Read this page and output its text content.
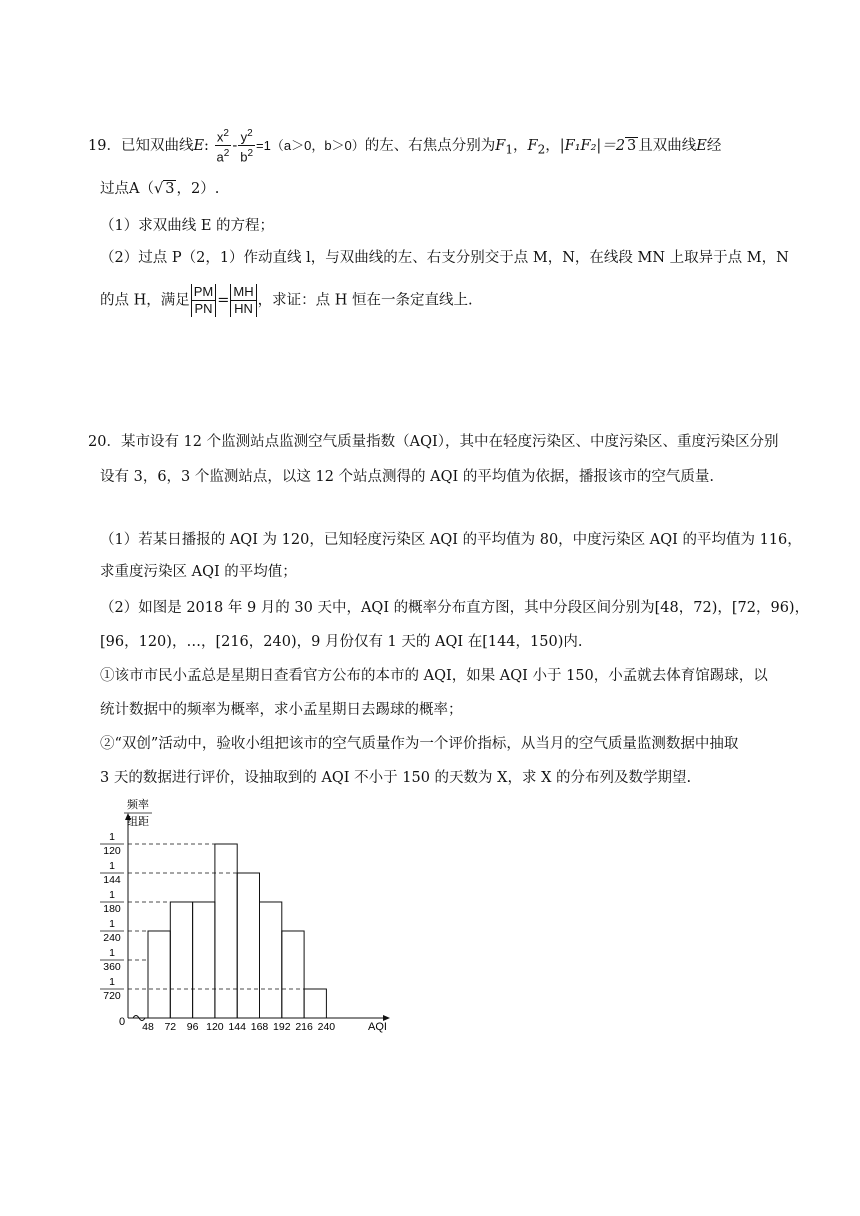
19．已知双曲线E: $\frac{x^2}{a^2} - \frac{y^2}{b^2} =1(a>0$，b＞0）的左、右焦点分别为$F_1$，$F_2$，|F₁F₂|＝2 3 且双曲线E经
过点A（√ 3 ，2）.
（1）求双曲线 E 的方程；
（2）过点 P（2，1）作动直线 l，与双曲线的左、右支分别交于点 M，N，在线段 MN 上取异于点 M，N
的点 H，满足 $\frac{PM}{PN} = \frac{MH}{HN}$ ，求证：点 H 恒在一条定直线上.
20．某市设有 12 个监测站点监测空气质量指数（AQI），其中在轻度污染区、中度污染区、重度污染区分别
设有 3，6，3 个监测站点，以这 12 个站点测得的 AQI 的平均值为依据，播报该市的空气质量.
（1）若某日播报的 AQI 为 120，已知轻度污染区 AQI 的平均值为 80，中度污染区 AQI 的平均值为 116，
求重度污染区 AQI 的平均值；
（2）如图是 2018 年 9 月的 30 天中，AQI 的概率分布直方图，其中分段区间分别为[48，72)，[72，96)，
[96，120)，…，[216，240)，9 月份仅有 1 天的 AQI 在[144，150)内.
①该市市民小孟总是星期日查看官方公布的本市的 AQI，如果 AQI 小于 150，小孟就去体育馆踢球，以
统计数据中的频率为概率，求小孟星期日去踢球的概率；
②“双创”活动中，验收小组把该市的空气质量作为一个评价指标，从当月的空气质量监测数据中抽取
3 天的数据进行评价，设抽取到的 AQI 不小于 150 的天数为 X，求 X 的分布列及数学期望.
1
120
1
144
1
180
1
240
1
360
1
720
48 72 96 120 144 168 192 216 240
频率
组距
AQI
0
